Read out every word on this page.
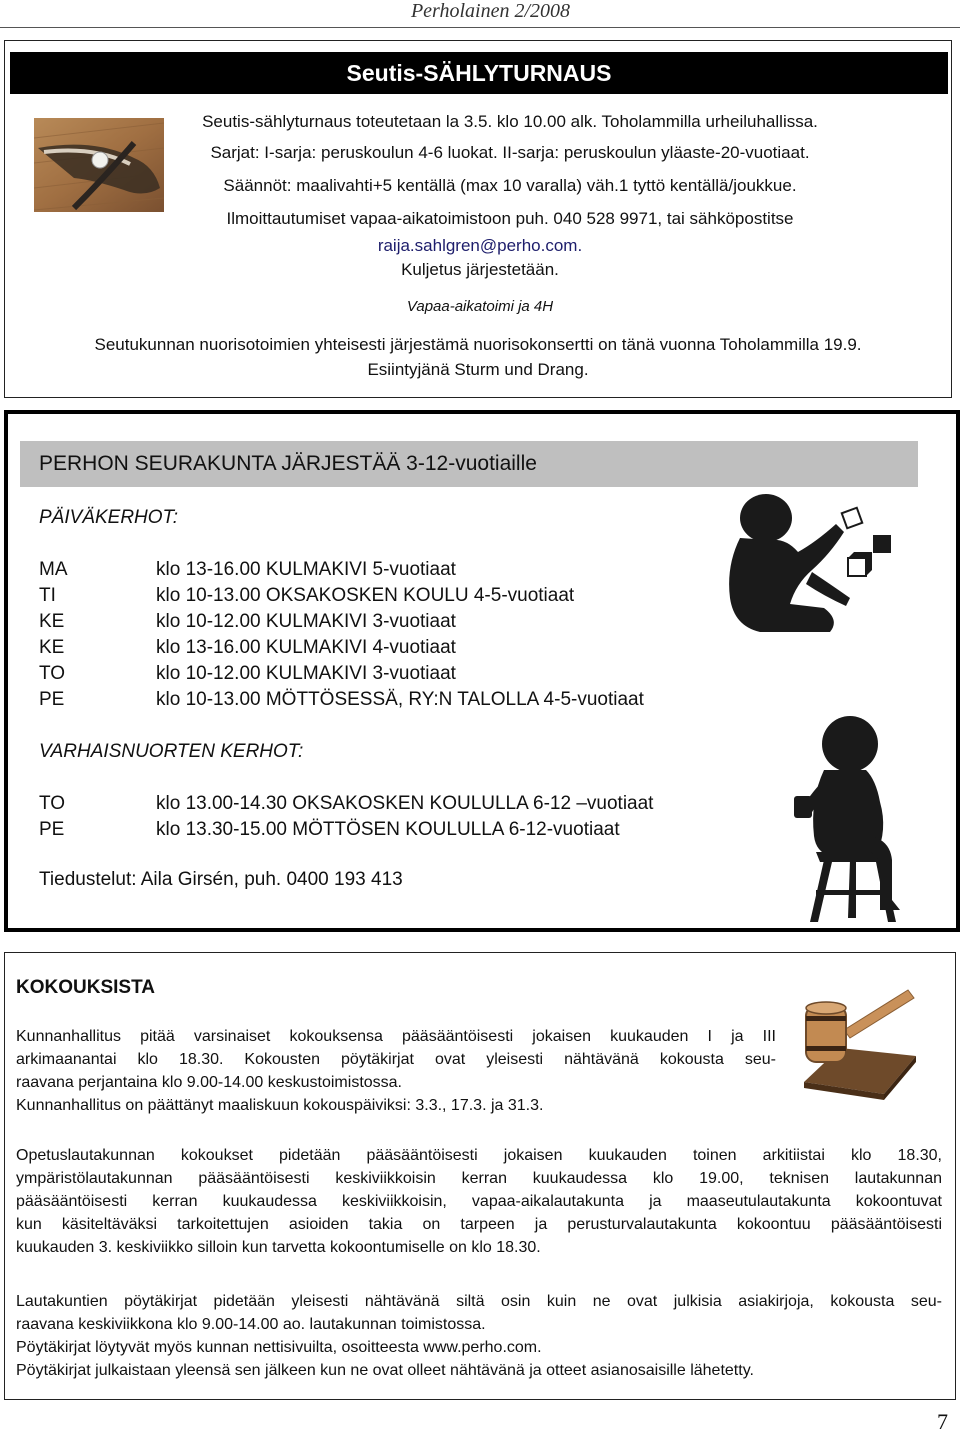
Perholainen 2/2008
Seutis-SÄHLYTURNAUS
Seutis-sählyturnaus toteutetaan la 3.5. klo 10.00 alk. Toholammilla urheiluhallissa.
Sarjat: I-sarja: peruskoulun 4-6 luokat. II-sarja: peruskoulun yläaste-20-vuotiaat.
Säännöt: maalivahti+5 kentällä (max 10 varalla) väh.1 tyttö kentällä/joukkue.
Ilmoittautumiset vapaa-aikatoimistoon puh. 040 528 9971, tai sähköpostitse
raija.sahlgren@perho.com.
Kuljetus järjestetään.
Vapaa-aikatoimi ja 4H
Seutukunnan nuorisotoimien yhteisesti järjestämä nuorisokonsertti on tänä vuonna Toholammilla 19.9.
Esiintyjänä Sturm und Drang.
PERHON SEURAKUNTA JÄRJESTÄÄ 3-12-vuotiaille
PÄIVÄKERHOT:
MA	klo 13-16.00 KULMAKIVI 5-vuotiaat
TI	klo 10-13.00 OKSAKOSKEN KOULU 4-5-vuotiaat
KE	klo 10-12.00 KULMAKIVI 3-vuotiaat
KE	klo 13-16.00 KULMAKIVI 4-vuotiaat
TO	klo 10-12.00 KULMAKIVI 3-vuotiaat
PE	klo 10-13.00 MÖTTÖSESSÄ, RY:N TALOLLA 4-5-vuotiaat
VARHAISNUORTEN KERHOT:
TO	klo 13.00-14.30 OKSAKOSKEN KOULULLA 6-12 –vuotiaat
PE	klo 13.30-15.00 MÖTTÖSEN KOULULLA 6-12-vuotiaat
Tiedustelut: Aila Girsén, puh. 0400 193 413
KOKOUKSISTA
Kunnanhallitus pitää varsinaiset kokouksensa pääsääntöisesti jokaisen kuukauden I ja III
arkimaanantai klo 18.30. Kokousten pöytäkirjat ovat yleisesti nähtävänä kokousta seu-
raavana perjantaina klo 9.00-14.00 keskustoimistossa.
Kunnanhallitus on päättänyt maaliskuun kokouspäiviksi: 3.3., 17.3. ja 31.3.
Opetuslautakunnan kokoukset pidetään pääsääntöisesti jokaisen kuukauden toinen arkitiistai klo 18.30,
ympäristölautakunnan pääsääntöisesti keskiviikkoisin kerran kuukaudessa klo 19.00, teknisen lautakunnan
pääsääntöisesti kerran kuukaudessa keskiviikkoisin, vapaa-aikalautakunta ja maaseutulautakunta kokoontuvat
kun käsiteltäväksi tarkoitettujen asioiden takia on tarpeen ja perusturvalautakunta kokoontuu pääsääntöisesti
kuukauden 3. keskiviikko silloin kun tarvetta kokoontumiselle on klo 18.30.
Lautakuntien pöytäkirjat pidetään yleisesti nähtävänä siltä osin kuin ne ovat julkisia asiakirjoja, kokousta seu-
raavana keskiviikkona klo 9.00-14.00 ao. lautakunnan toimistossa.
Pöytäkirjat löytyvät myös kunnan nettisivuilta, osoitteesta www.perho.com.
Pöytäkirjat julkaistaan yleensä sen jälkeen kun ne ovat olleet nähtävänä ja otteet asianosaisille lähetetty.
7
